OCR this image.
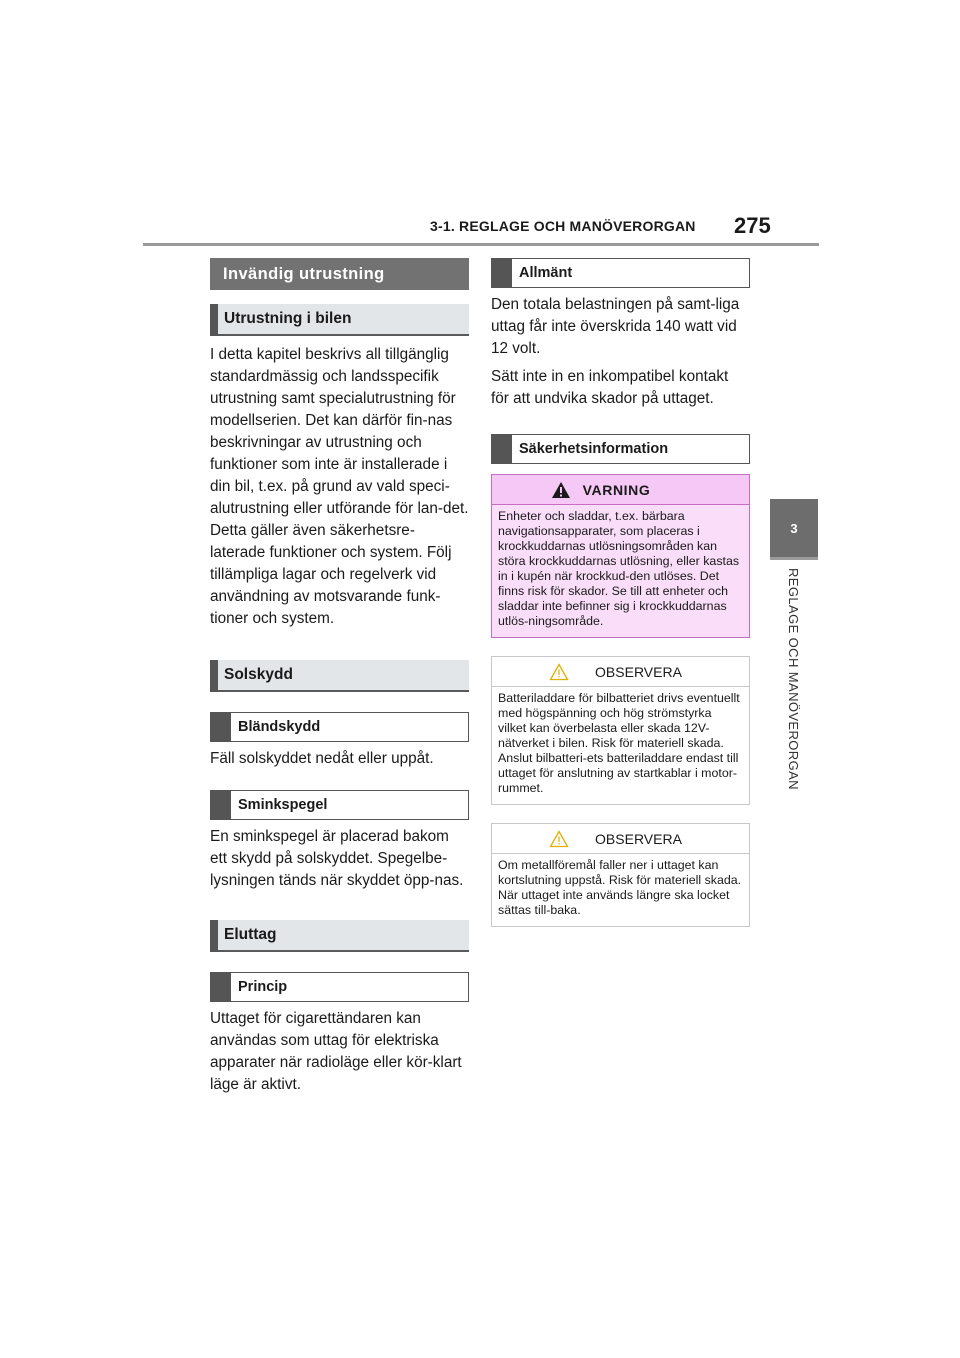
3-1. REGLAGE OCH MANÖVERORGAN 275
3
REGLAGE OCH MANÖVERORGAN
Invändig utrustning
Utrustning i bilen
I detta kapitel beskrivs all tillgänglig standardmässig och landsspecifik utrustning samt specialutrustning för modellserien. Det kan därför fin-nas beskrivningar av utrustning och funktioner som inte är installerade i din bil, t.ex. på grund av vald speci-alutrustning eller utförande för lan-det. Detta gäller även säkerhetsre-laterade funktioner och system. Följ tillämpliga lagar och regelverk vid användning av motsvarande funk-tioner och system.
Solskydd
Bländskydd
Fäll solskyddet nedåt eller uppåt.
Sminkspegel
En sminkspegel är placerad bakom ett skydd på solskyddet. Spegelbe-lysningen tänds när skyddet öpp-nas.
Eluttag
Princip
Uttaget för cigarettändaren kan användas som uttag för elektriska apparater när radioläge eller kör-klart läge är aktivt.
Allmänt
Den totala belastningen på samt-liga uttag får inte överskrida 140 watt vid 12 volt.
Sätt inte in en inkompatibel kontakt för att undvika skador på uttaget.
Säkerhetsinformation
VARNING
Enheter och sladdar, t.ex. bärbara navigationsapparater, som placeras i krockkuddarnas utlösningsområden kan störa krockkuddarnas utlösning, eller kastas in i kupén när krockkud-den utlöses. Det finns risk för skador. Se till att enheter och sladdar inte befinner sig i krockkuddarnas utlös-ningsområde.
OBSERVERA
Batteriladdare för bilbatteriet drivs eventuellt med högspänning och hög strömstyrka vilket kan överbelasta eller skada 12V-nätverket i bilen. Risk för materiell skada. Anslut bilbatteri-ets batteriladdare endast till uttaget för anslutning av startkablar i motor-rummet.
OBSERVERA
Om metallföremål faller ner i uttaget kan kortslutning uppstå. Risk för materiell skada. När uttaget inte används längre ska locket sättas till-baka.
